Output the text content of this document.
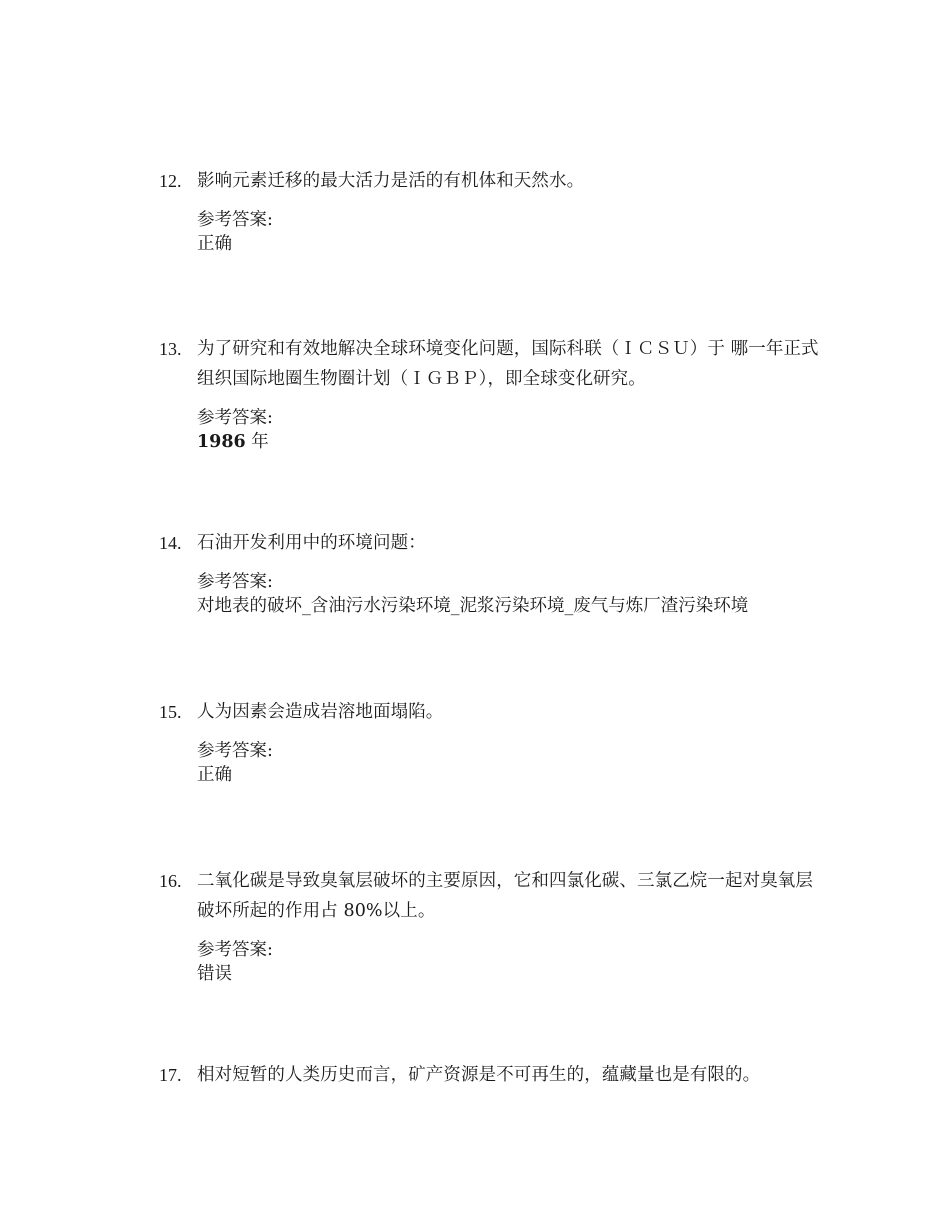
12. 影响元素迁移的最大活力是活的有机体和天然水。
参考答案:
正确
13. 为了研究和有效地解决全球环境变化问题，国际科联（ＩＣＳＵ）于 哪一年正式组织国际地圈生物圈计划（ＩＧＢＰ），即全球变化研究。
参考答案:
1986 年
14. 石油开发利用中的环境问题：
参考答案:
对地表的破坏_含油污水污染环境_泥浆污染环境_废气与炼厂渣污染环境
15. 人为因素会造成岩溶地面塌陷。
参考答案:
正确
16. 二氧化碳是导致臭氧层破坏的主要原因，它和四氯化碳、三氯乙烷一起对臭氧层破坏所起的作用占 80%以上。
参考答案:
错误
17. 相对短暂的人类历史而言，矿产资源是不可再生的，蕴藏量也是有限的。
